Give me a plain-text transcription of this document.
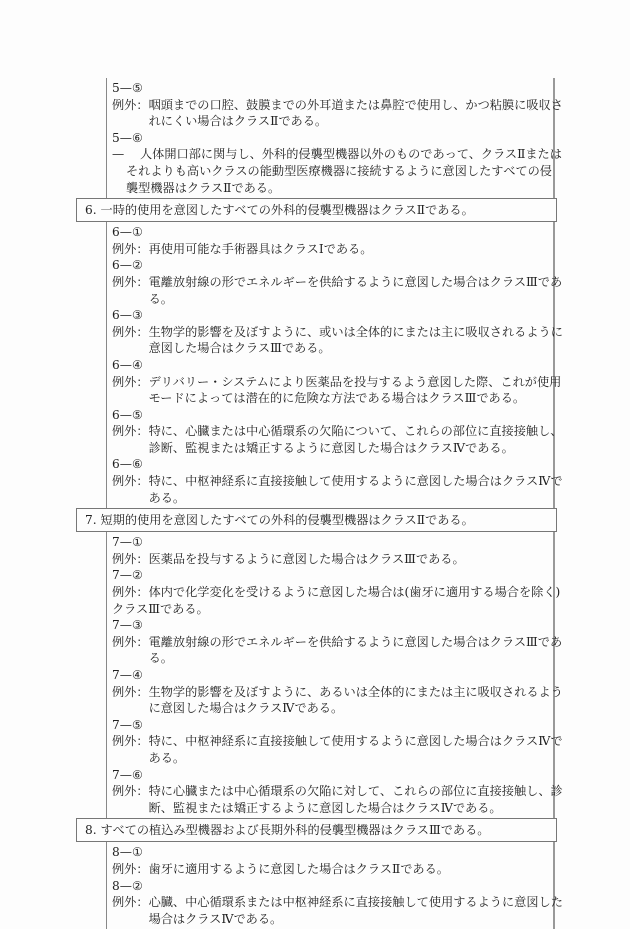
5—⑤
例外： 咽頭までの口腔、鼓膜までの外耳道または鼻腔で使用し、かつ粘膜に吸収さ
れにくい場合はクラスⅡである。
5—⑥
—	人体開口部に関与し、外科的侵襲型機器以外のものであって、クラスⅡまたは
それよりも高いクラスの能動型医療機器に接続するように意図したすべての侵
襲型機器はクラスⅡである。
6. 一時的使用を意図したすべての外科的侵襲型機器はクラスⅡである。
6—①
例外： 再使用可能な手術器具はクラスⅠである。
6—②
例外： 電離放射線の形でエネルギーを供給するように意図した場合はクラスⅢであ
る。
6—③
例外： 生物学的影響を及ぼすように、或いは全体的にまたは主に吸収されるように
意図した場合はクラスⅢである。
6—④
例外： デリバリー・システムにより医薬品を投与するよう意図した際、これが使用
モードによっては潜在的に危険な方法である場合はクラスⅢである。
6—⑤
例外： 特に、心臓または中心循環系の欠陥について、これらの部位に直接接触し、
診断、監視または矯正するように意図した場合はクラスⅣである。
6—⑥
例外： 特に、中枢神経系に直接接触して使用するように意図した場合はクラスⅣで
ある。
7. 短期的使用を意図したすべての外科的侵襲型機器はクラスⅡである。
7—①
例外： 医薬品を投与するように意図した場合はクラスⅢである。
7—②
例外： 体内で化学変化を受けるように意図した場合は(歯牙に適用する場合を除く)
クラスⅢである。
7—③
例外： 電離放射線の形でエネルギーを供給するように意図した場合はクラスⅢであ
る。
7—④
例外： 生物学的影響を及ぼすように、あるいは全体的にまたは主に吸収されるよう
に意図した場合はクラスⅣである。
7—⑤
例外： 特に、中枢神経系に直接接触して使用するように意図した場合はクラスⅣで
ある。
7—⑥
例外： 特に心臓または中心循環系の欠陥に対して、これらの部位に直接接触し、診
断、監視または矯正するように意図した場合はクラスⅣである。
8. すべての植込み型機器および長期外科的侵襲型機器はクラスⅢである。
8—①
例外： 歯牙に適用するように意図した場合はクラスⅡである。
8—②
例外： 心臓、中心循環系または中枢神経系に直接接触して使用するように意図した
場合はクラスⅣである。
